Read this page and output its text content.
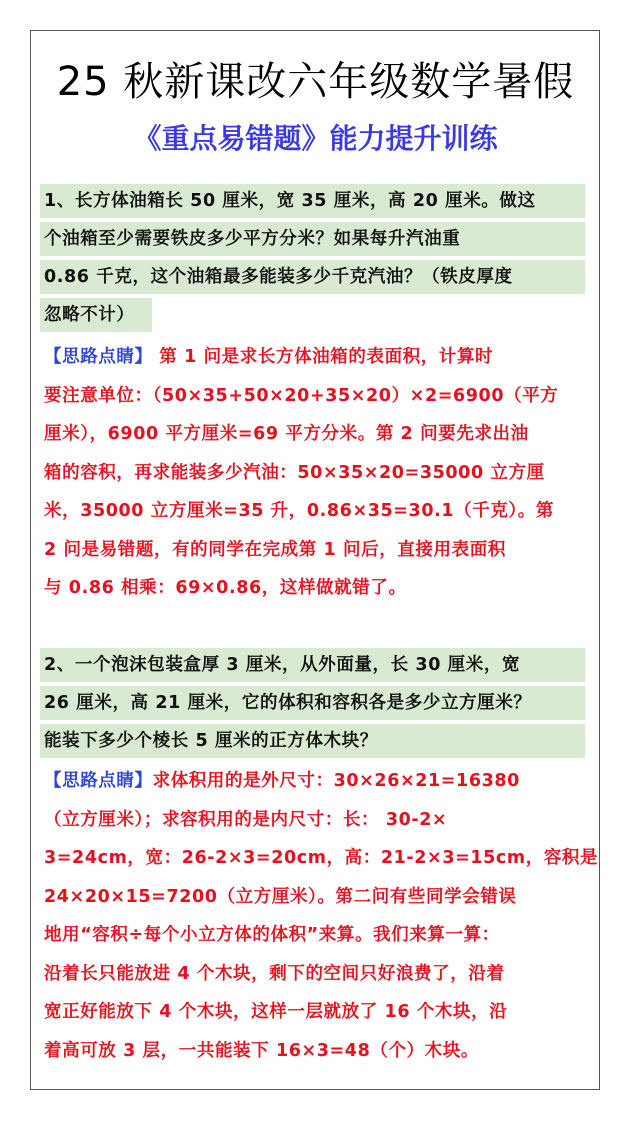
25 秋新课改六年级数学暑假
《重点易错题》能力提升训练
1、长方体油箱长 50 厘米，宽 35 厘米，高 20 厘米。做这
个油箱至少需要铁皮多少平方分米？如果每升汽油重
0.86 千克，这个油箱最多能装多少千克汽油？（铁皮厚度
忽略不计）
【思路点睛】 第 1 问是求长方体油箱的表面积，计算时
要注意单位：（50×35+50×20+35×20）×2=6900（平方
厘米），6900 平方厘米=69 平方分米。第 2 问要先求出油
箱的容积，再求能装多少汽油：50×35×20=35000 立方厘
米，35000 立方厘米=35 升，0.86×35=30.1（千克）。第
2 问是易错题，有的同学在完成第 1 问后，直接用表面积
与 0.86 相乘：69×0.86，这样做就错了。
2、一个泡沫包装盒厚 3 厘米，从外面量，长 30 厘米，宽
26 厘米，高 21 厘米，它的体积和容积各是多少立方厘米？
能装下多少个棱长 5 厘米的正方体木块？
【思路点睛】求体积用的是外尺寸：30×26×21=16380
（立方厘米）；求容积用的是内尺寸：长： 30-2×
3=24cm，宽：26-2×3=20cm，高：21-2×3=15cm，容积是
24×20×15=7200（立方厘米）。第二问有些同学会错误
地用“容积÷每个小立方体的体积”来算。我们来算一算：
沿着长只能放进 4 个木块，剩下的空间只好浪费了，沿着
宽正好能放下 4 个木块，这样一层就放了 16 个木块，沿
着高可放 3 层，一共能装下 16×3=48（个）木块。
